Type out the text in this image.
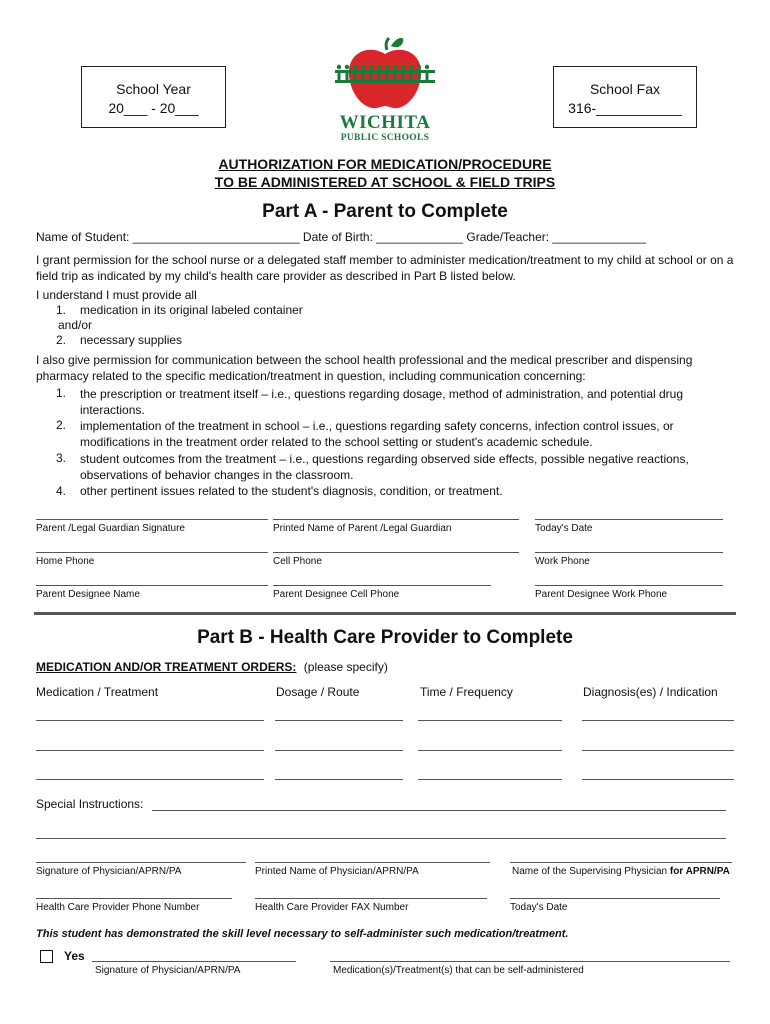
School Year
20___ - 20___
School Fax
316-___________
WICHITA
PUBLIC SCHOOLS
AUTHORIZATION FOR MEDICATION/PROCEDURE
TO BE ADMINISTERED AT SCHOOL & FIELD TRIPS
Part A - Parent to Complete
Name of Student: _________________________ Date of Birth: _____________ Grade/Teacher: ______________
I grant permission for the school nurse or a delegated staff member to administer medication/treatment to my child at school or on a field trip as indicated by my child's health care provider as described in Part B listed below.
I understand I must provide all
1. medication in its original labeled container
and/or
2. necessary supplies
I also give permission for communication between the school health professional and the medical prescriber and dispensing pharmacy related to the specific medication/treatment in question, including communication concerning:
1. the prescription or treatment itself – i.e., questions regarding dosage, method of administration, and potential drug interactions.
2. implementation of the treatment in school – i.e., questions regarding safety concerns, infection control issues, or modifications in the treatment order related to the school setting or student's academic schedule.
3. student outcomes from the treatment – i.e., questions regarding observed side effects, possible negative reactions, observations of behavior changes in the classroom.
4. other pertinent issues related to the student's diagnosis, condition, or treatment.
Parent /Legal Guardian Signature	Printed Name of Parent /Legal Guardian	Today's Date
Home Phone	Cell Phone	Work Phone
Parent Designee Name	Parent Designee Cell Phone	Parent Designee Work Phone
Part B - Health Care Provider to Complete
MEDICATION AND/OR TREATMENT ORDERS: (please specify)
Medication / Treatment	Dosage / Route	Time / Frequency	Diagnosis(es) / Indication
Special Instructions:
Signature of Physician/APRN/PA	Printed Name of Physician/APRN/PA	Name of the Supervising Physician for APRN/PA
Health Care Provider Phone Number	Health Care Provider FAX Number	Today's Date
This student has demonstrated the skill level necessary to self-administer such medication/treatment.
Yes
Signature of Physician/APRN/PA	Medication(s)/Treatment(s) that can be self-administered
